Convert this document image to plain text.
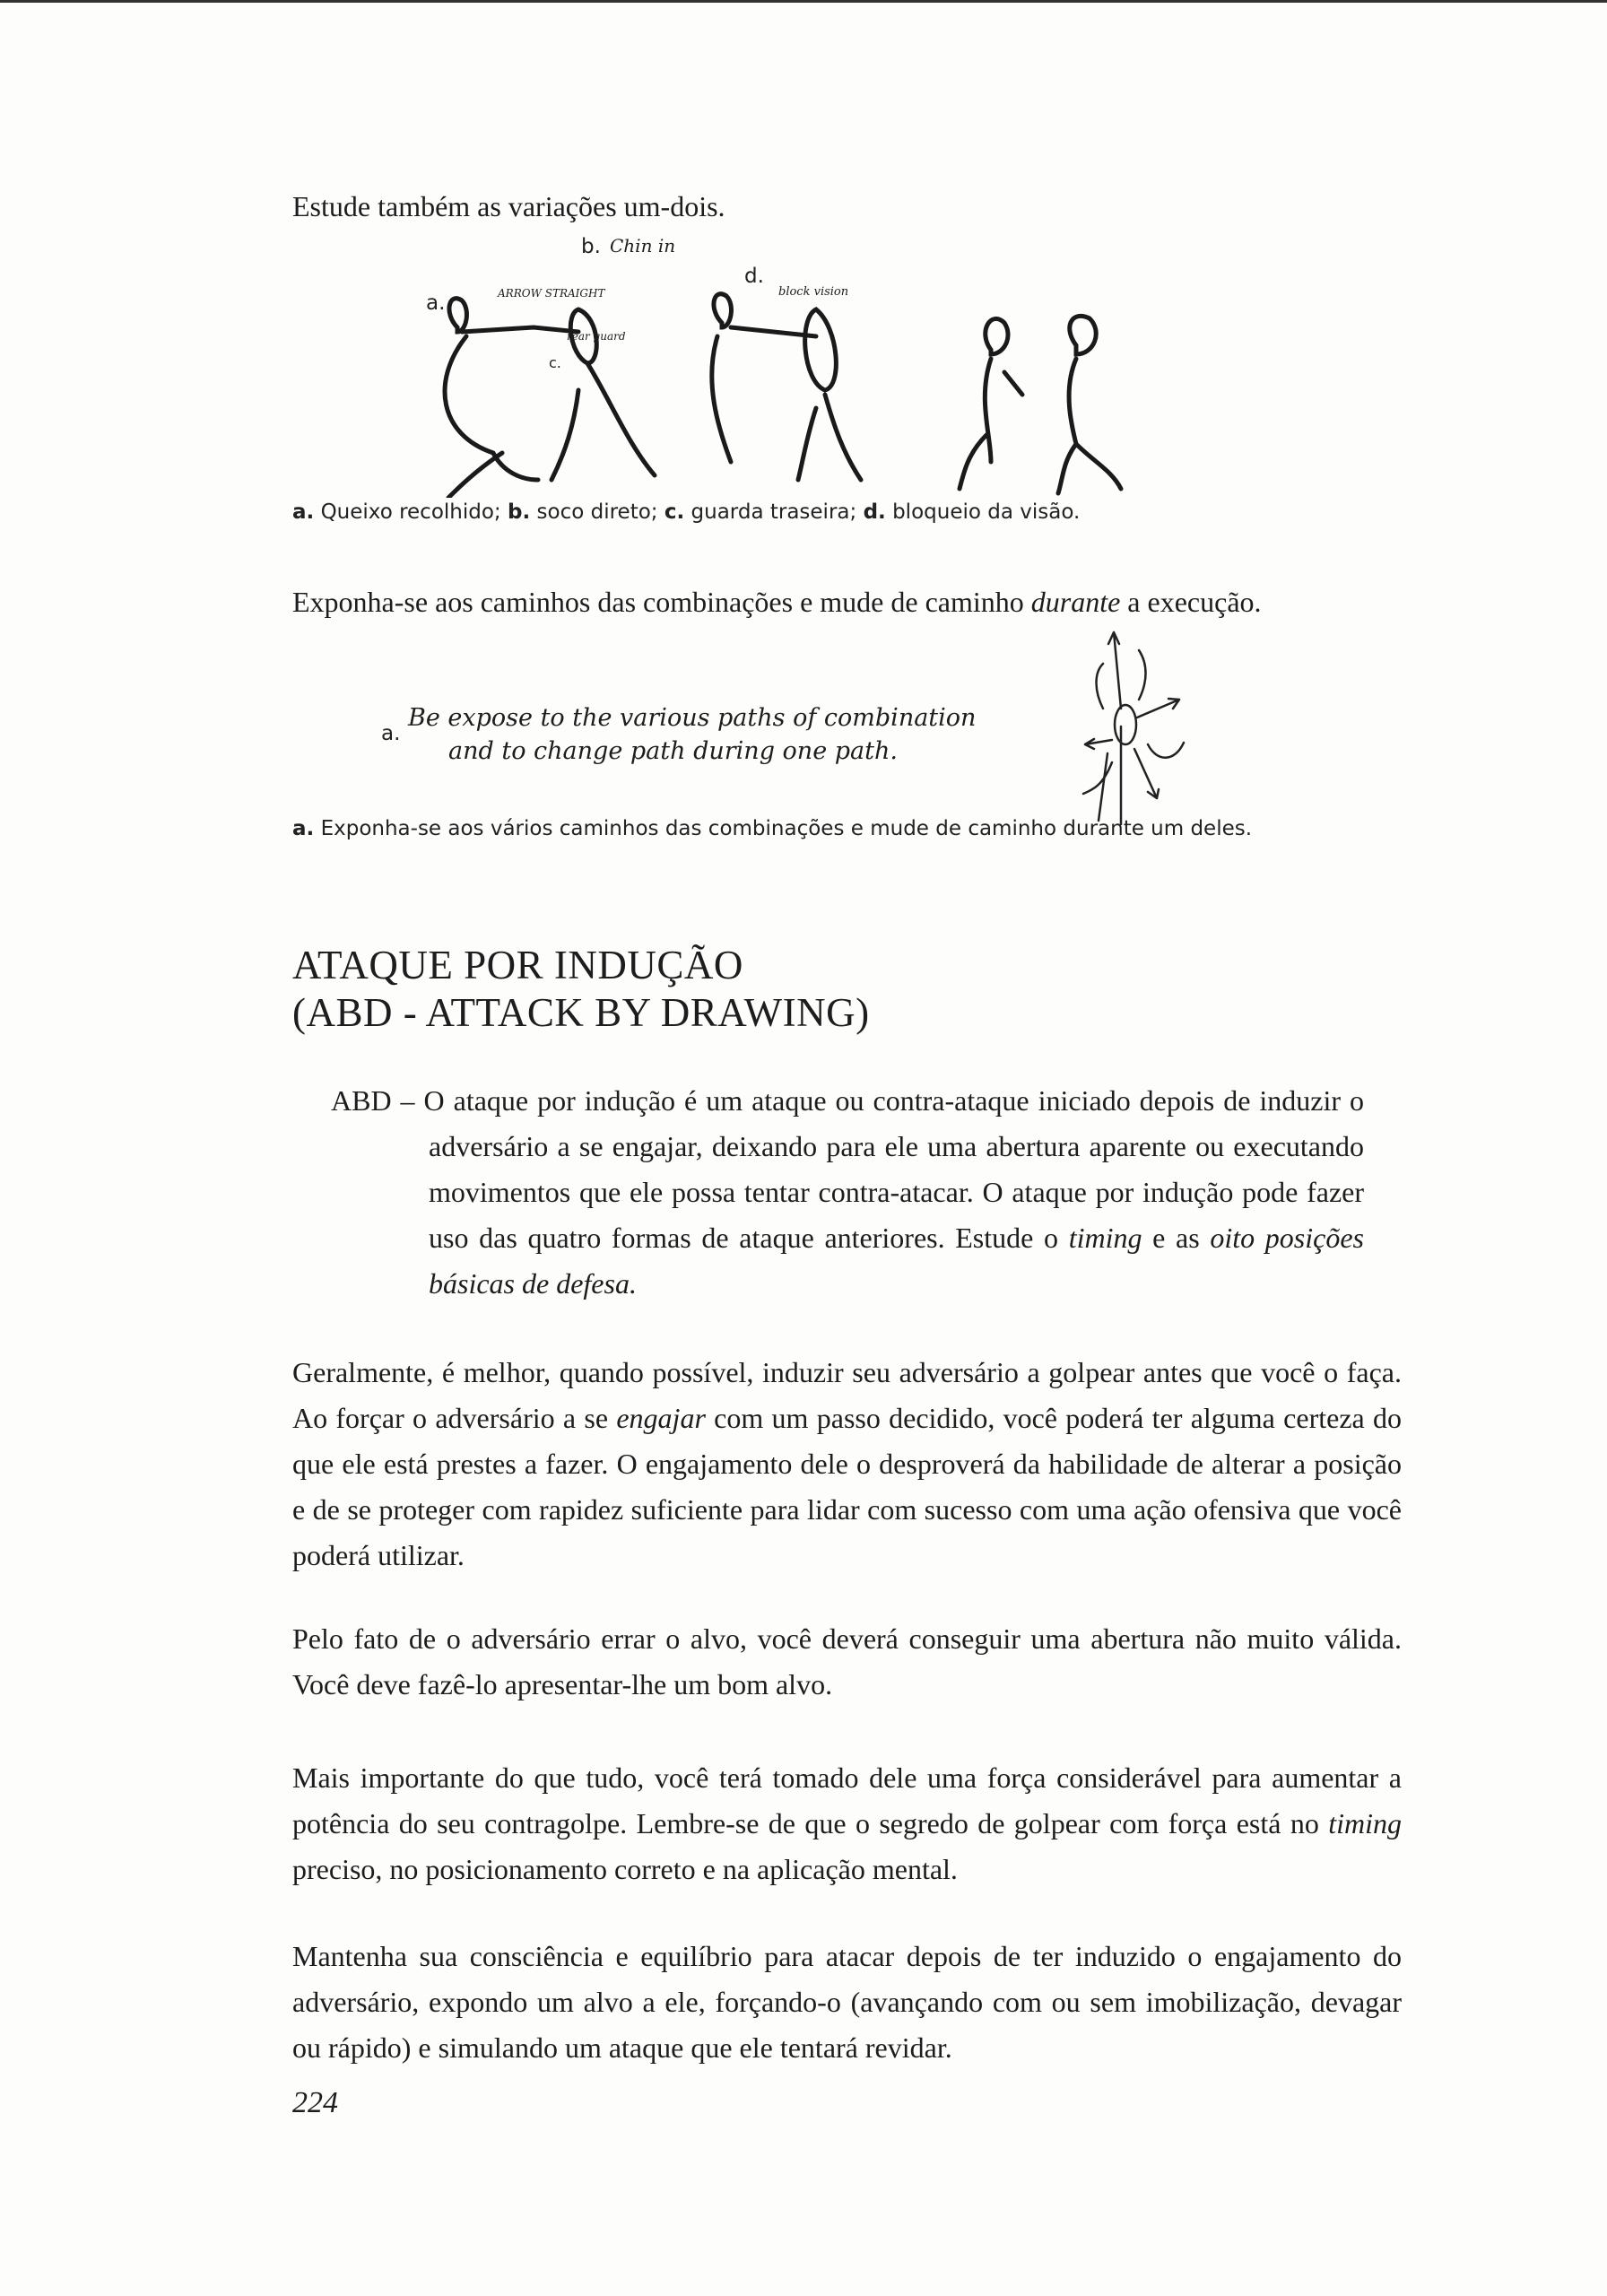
Estude também as variações um-dois.
a.
b.
c.
d.
Chin in
ARROW STRAIGHT
rear guard
block vision
a. Queixo recolhido; b. soco direto; c. guarda traseira; d. bloqueio da visão.
Exponha-se aos caminhos das combinações e mude de caminho durante a execução.
a.
Be expose to the various paths of combination
and to change path during one path.
a. Exponha-se aos vários caminhos das combinações e mude de caminho durante um deles.
ATAQUE POR INDUÇÃO
(ABD - ATTACK BY DRAWING)
ABD – O ataque por indução é um ataque ou contra-ataque iniciado depois de induzir o adversário a se engajar, deixando para ele uma abertura aparente ou executando movimentos que ele possa tentar contra-atacar. O ataque por indução pode fazer uso das quatro formas de ataque anteriores. Estude o timing e as oito posições básicas de defesa.
Geralmente, é melhor, quando possível, induzir seu adversário a golpear antes que você o faça. Ao forçar o adversário a se engajar com um passo decidido, você poderá ter alguma certeza do que ele está prestes a fazer. O engajamento dele o desproverá da habilidade de alterar a posição e de se proteger com rapidez suficiente para lidar com sucesso com uma ação ofensiva que você poderá utilizar.
Pelo fato de o adversário errar o alvo, você deverá conseguir uma abertura não muito válida. Você deve fazê-lo apresentar-lhe um bom alvo.
Mais importante do que tudo, você terá tomado dele uma força considerável para aumentar a potência do seu contragolpe. Lembre-se de que o segredo de golpear com força está no timing preciso, no posicionamento correto e na aplicação mental.
Mantenha sua consciência e equilíbrio para atacar depois de ter induzido o engajamento do adversário, expondo um alvo a ele, forçando-o (avançando com ou sem imobilização, devagar ou rápido) e simulando um ataque que ele tentará revidar.
224
